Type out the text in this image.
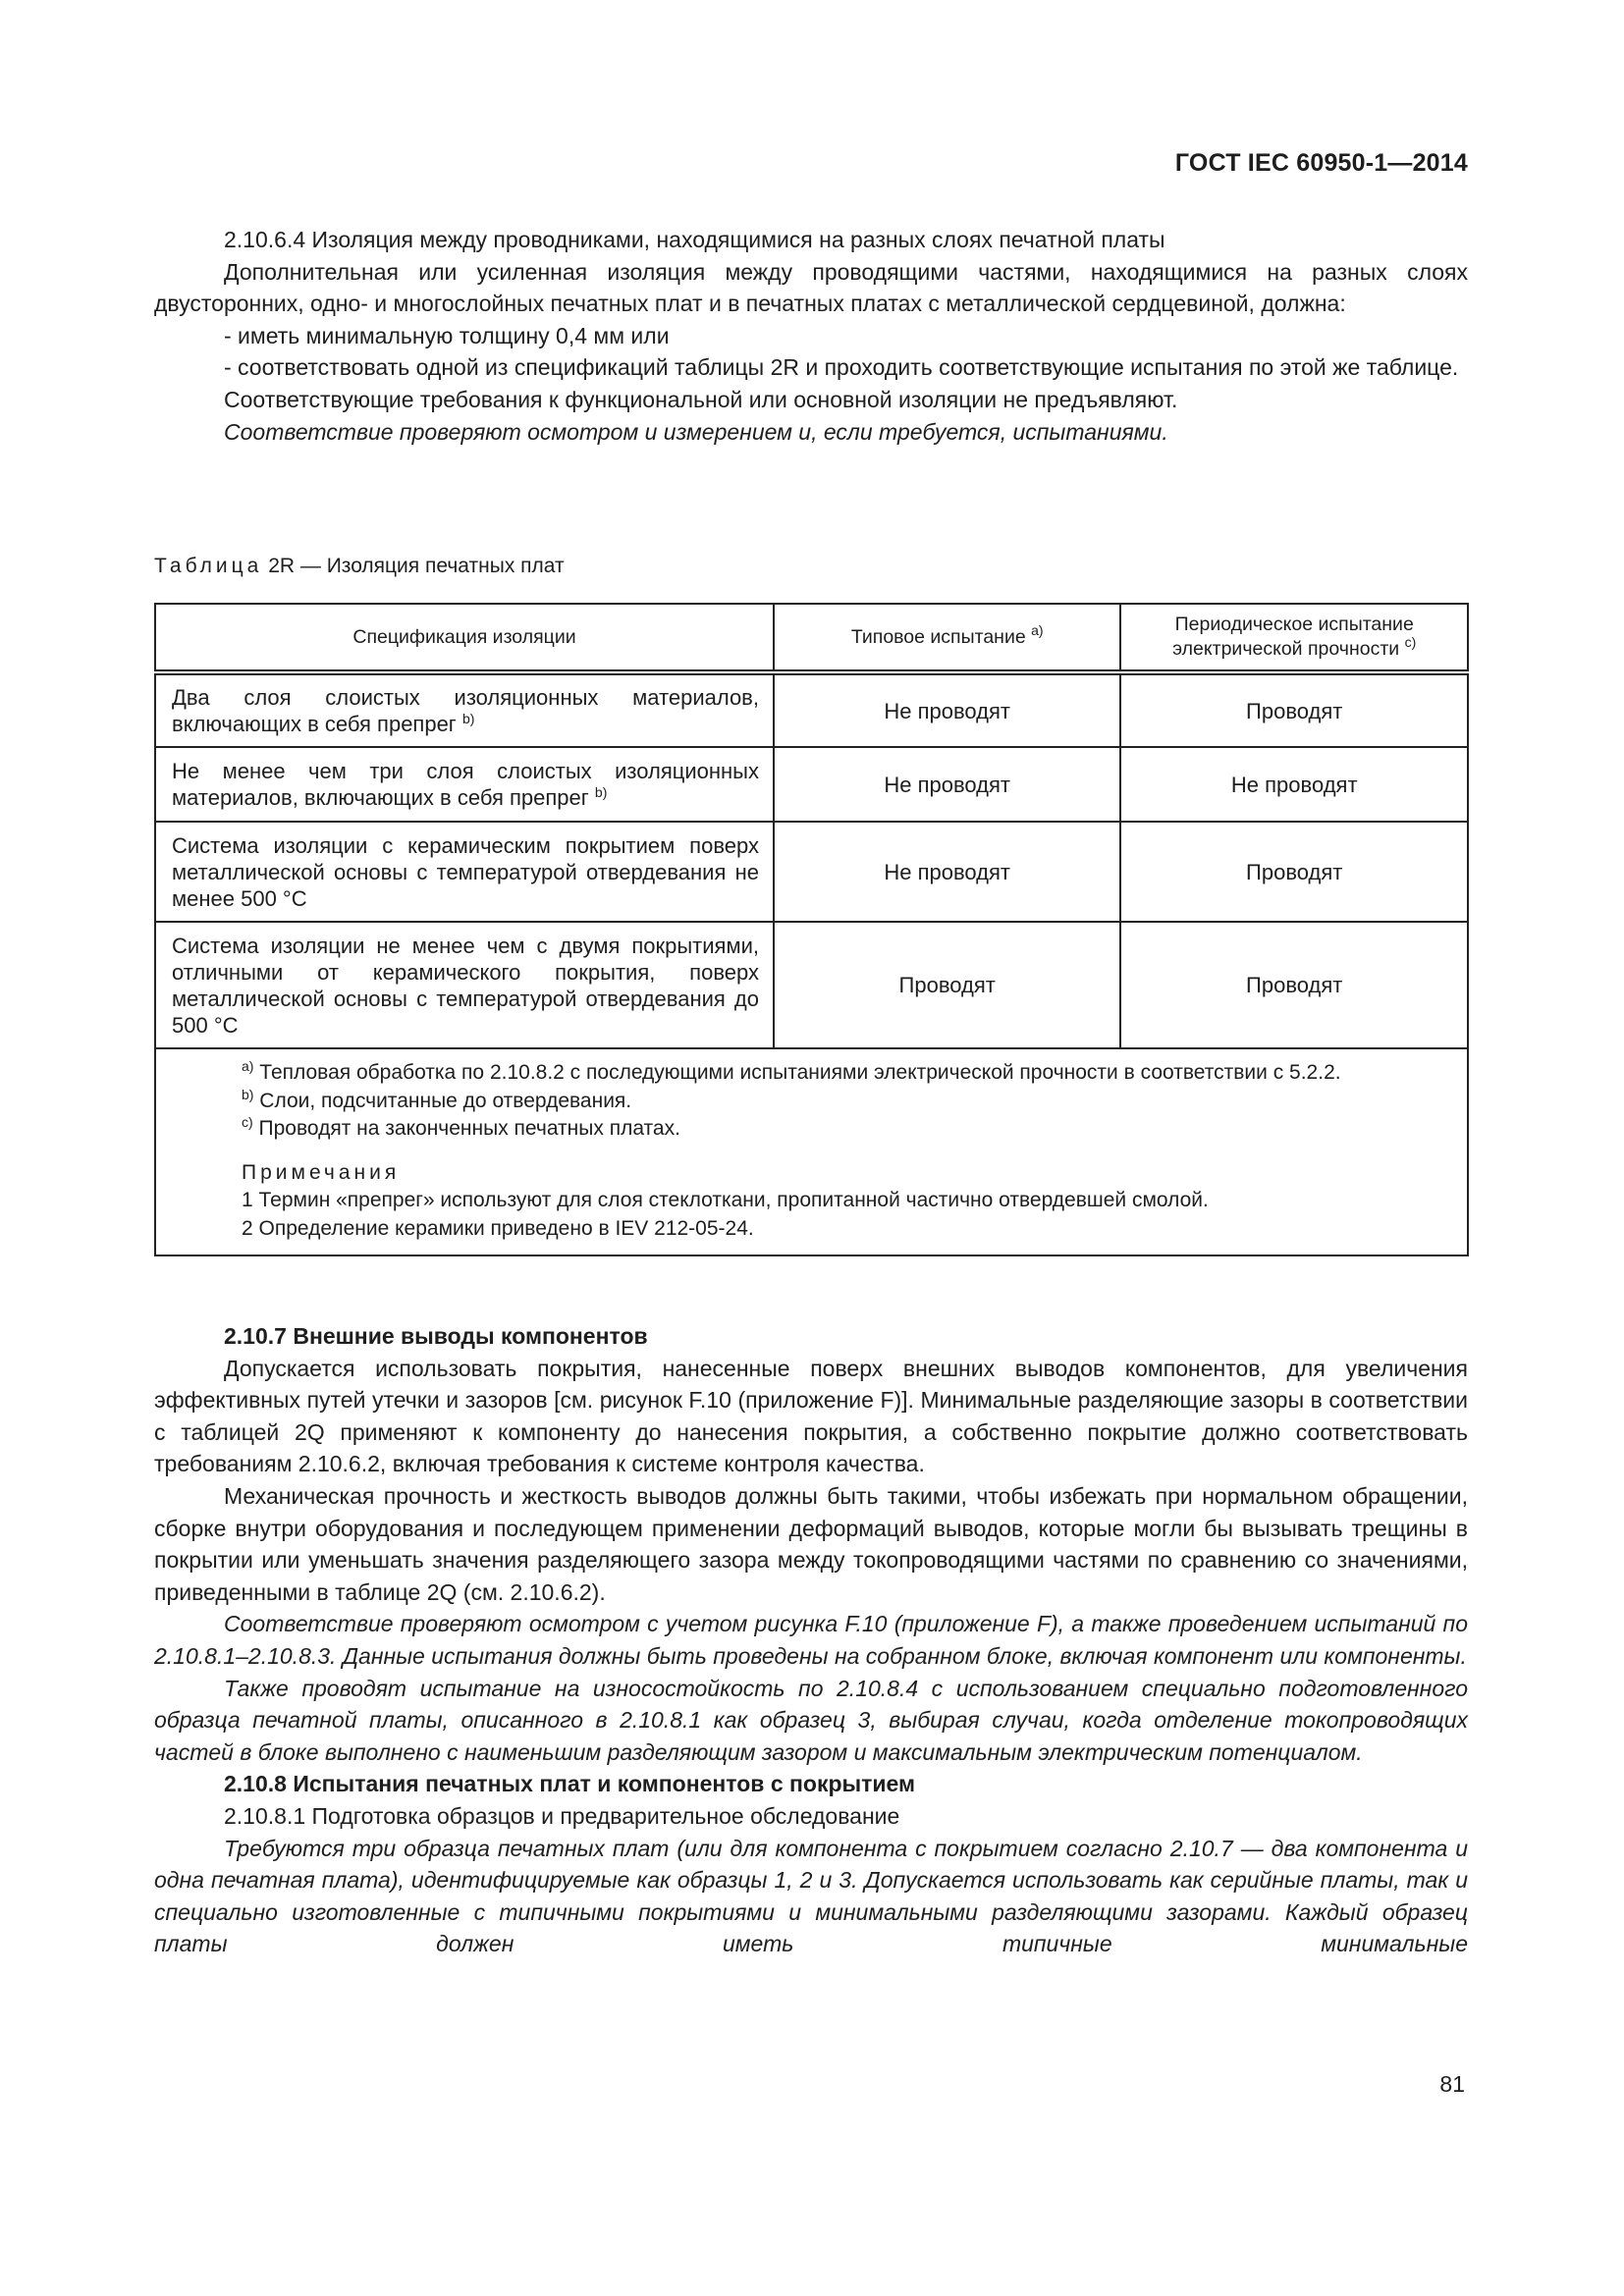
ГОСТ IEC 60950-1—2014

2.10.6.4 Изоляция между проводниками, находящимися на разных слоях печатной платы

Дополнительная или усиленная изоляция между проводящими частями, находящимися на разных слоях двусторонних, одно- и многослойных печатных плат и в печатных платах с металлической сердцевиной, должна:

- иметь минимальную толщину 0,4 мм или

- соответствовать одной из спецификаций таблицы 2R и проходить соответствующие испытания по этой же таблице.

Соответствующие требования к функциональной или основной изоляции не предъявляют.

Соответствие проверяют осмотром и измерением и, если требуется, испытаниями.

Таблица 2R — Изоляция печатных плат
Спецификация изоляции	Типовое испытание $^{a)}$	Периодическое испытание электрической прочности $^{c)}$
Два слоя слоистых изоляционных материалов, включающих в себя препрег $^{b)}$	Не проводят	Проводят
Не менее чем три слоя слоистых изоляционных материалов, включающих в себя препрег $^{b)}$	Не проводят	Не проводят
Система изоляции с керамическим покрытием поверх металлической основы с температурой отвердевания не менее 500 °С	Не проводят	Проводят
Система изоляции не менее чем с двумя покрытиями, отличными от керамического покрытия, поверх металлической основы с температурой отвердевания до 500 °С	Проводят	Проводят

$^{a)}$ Тепловая обработка по 2.10.8.2 с последующими испытаниями электрической прочности в соответствии с 5.2.2.

$^{b)}$ Слои, подсчитанные до отвердевания.

$^{c)}$ Проводят на законченных печатных платах.

Примечания

1 Термин «препрег» используют для слоя стеклоткани, пропитанной частично отвердевшей смолой.

2 Определение керамики приведено в IEV 212-05-24.

2.10.7 Внешние выводы компонентов

Допускается использовать покрытия, нанесенные поверх внешних выводов компонентов, для увеличения эффективных путей утечки и зазоров [см. рисунок F.10 (приложение F)]. Минимальные разделяющие зазоры в соответствии с таблицей 2Q применяют к компоненту до нанесения покрытия, а собственно покрытие должно соответствовать требованиям 2.10.6.2, включая требования к системе контроля качества.

Механическая прочность и жесткость выводов должны быть такими, чтобы избежать при нормальном обращении, сборке внутри оборудования и последующем применении деформаций выводов, которые могли бы вызывать трещины в покрытии или уменьшать значения разделяющего зазора между токопроводящими частями по сравнению со значениями, приведенными в таблице 2Q (см. 2.10.6.2).

Соответствие проверяют осмотром с учетом рисунка F.10 (приложение F), а также проведением испытаний по 2.10.8.1–2.10.8.3. Данные испытания должны быть проведены на собранном блоке, включая компонент или компоненты.

Также проводят испытание на износостойкость по 2.10.8.4 с использованием специально подготовленного образца печатной платы, описанного в 2.10.8.1 как образец 3, выбирая случаи, когда отделение токопроводящих частей в блоке выполнено с наименьшим разделяющим зазором и максимальным электрическим потенциалом.

2.10.8 Испытания печатных плат и компонентов с покрытием

2.10.8.1 Подготовка образцов и предварительное обследование

Требуются три образца печатных плат (или для компонента с покрытием согласно 2.10.7 — два компонента и одна печатная плата), идентифицируемые как образцы 1, 2 и 3. Допускается использовать как серийные платы, так и специально изготовленные с типичными покрытиями и минимальными разделяющими зазорами. Каждый образец платы должен иметь типичные минимальные

81
